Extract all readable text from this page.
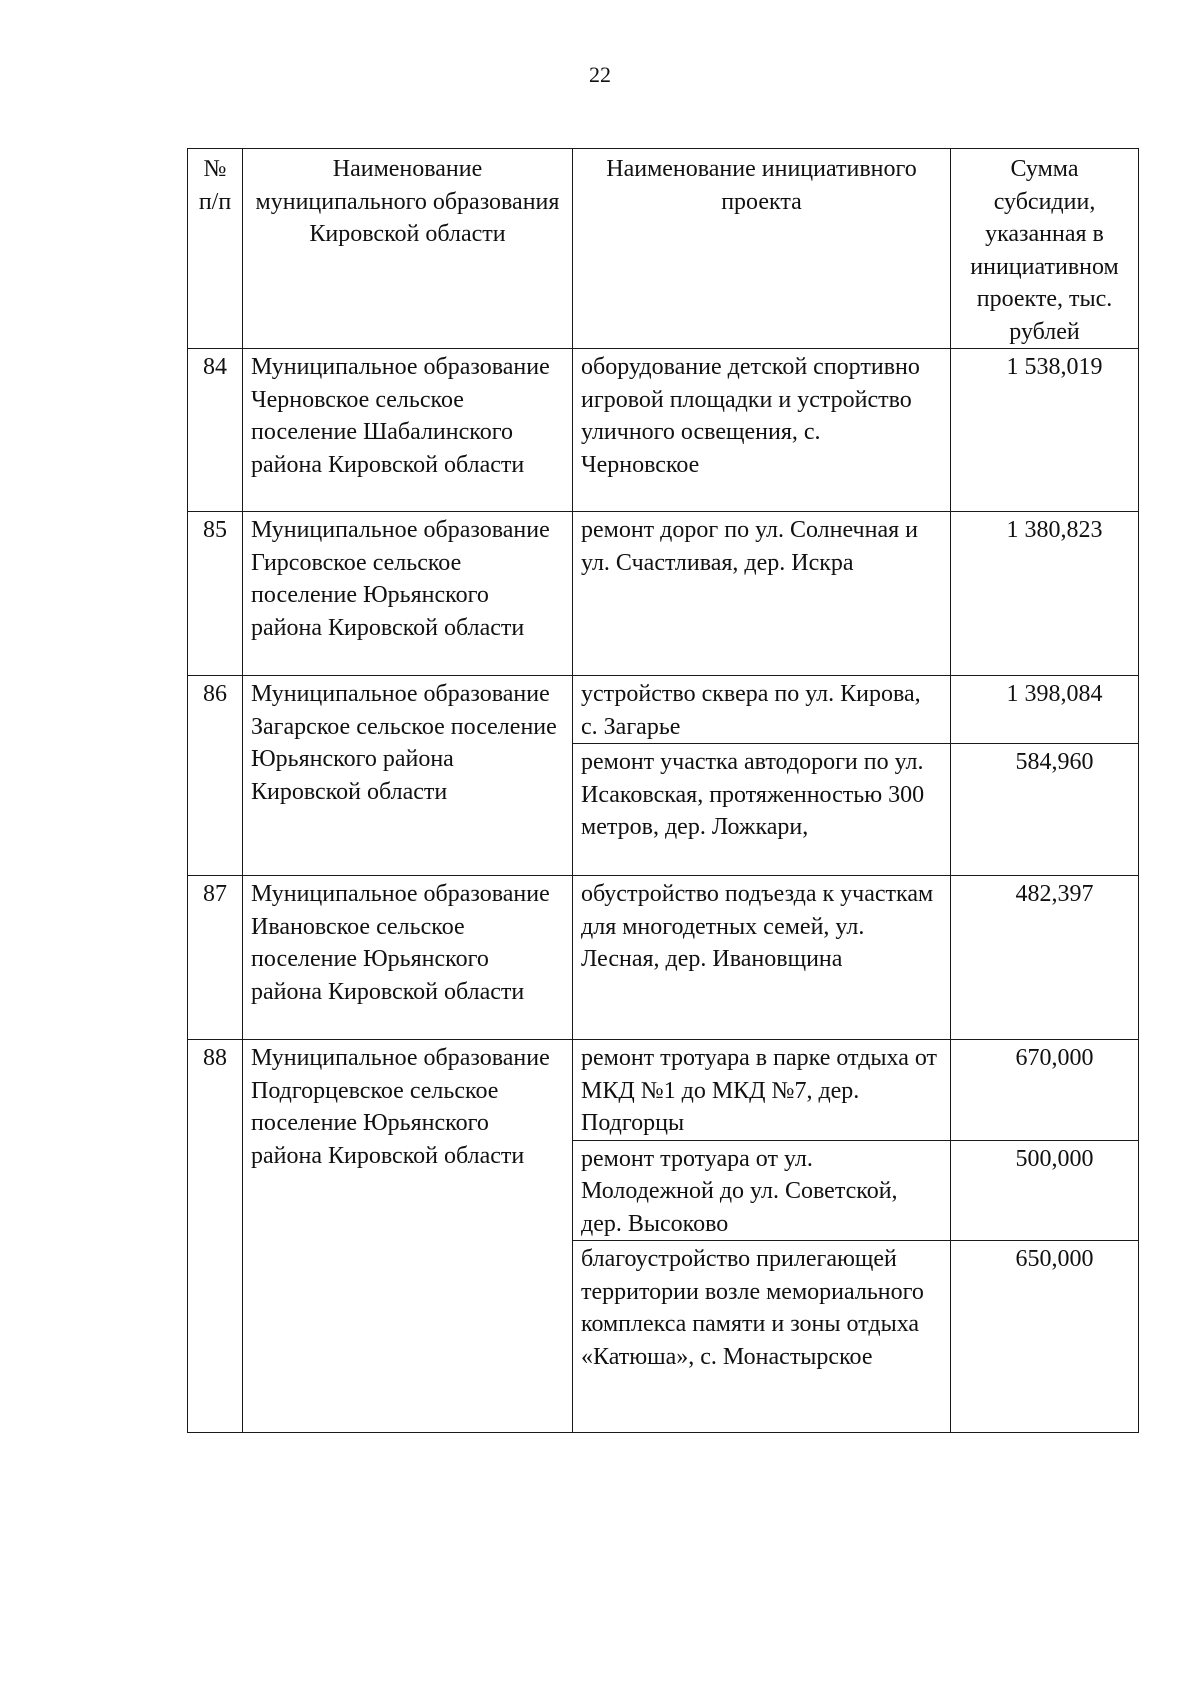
22
№ п/п	Наименование муниципального образования Кировской области	Наименование инициативного проекта	Сумма субсидии, указанная в инициативном проекте, тыс. рублей
84	Муниципальное образование Черновское сельское поселение Шабалинского района Кировской области	оборудование детской спортивно игровой площадки и устройство уличного освещения, с. Черновское	1 538,019

85	Муниципальное образование Гирсовское сельское поселение Юрьянского района Кировской области	ремонт дорог по ул. Солнечная и ул. Счастливая, дер. Искра	1 380,823

86	Муниципальное образование Загарское сельское поселение Юрьянского района Кировской области	устройство сквера по ул. Кирова, с. Загарье	1 398,084

		ремонт участка автодороги по ул. Исаковская, протяженностью 300 метров, дер. Ложкари,	584,960

87	Муниципальное образование Ивановское сельское поселение Юрьянского района Кировской области	обустройство подъезда к участкам для многодетных семей, ул. Лесная, дер. Ивановщина	482,397

88	Муниципальное образование Подгорцевское сельское поселение Юрьянского района Кировской области	ремонт тротуара в парке отдыха от МКД №1 до МКД №7, дер. Подгорцы	670,000

		ремонт тротуара от ул. Молодежной до ул. Советской, дер. Высоково	500,000

		благоустройство прилегающей территории возле мемориального комплекса памяти и зоны отдыха «Катюша», с. Монастырское	650,000
